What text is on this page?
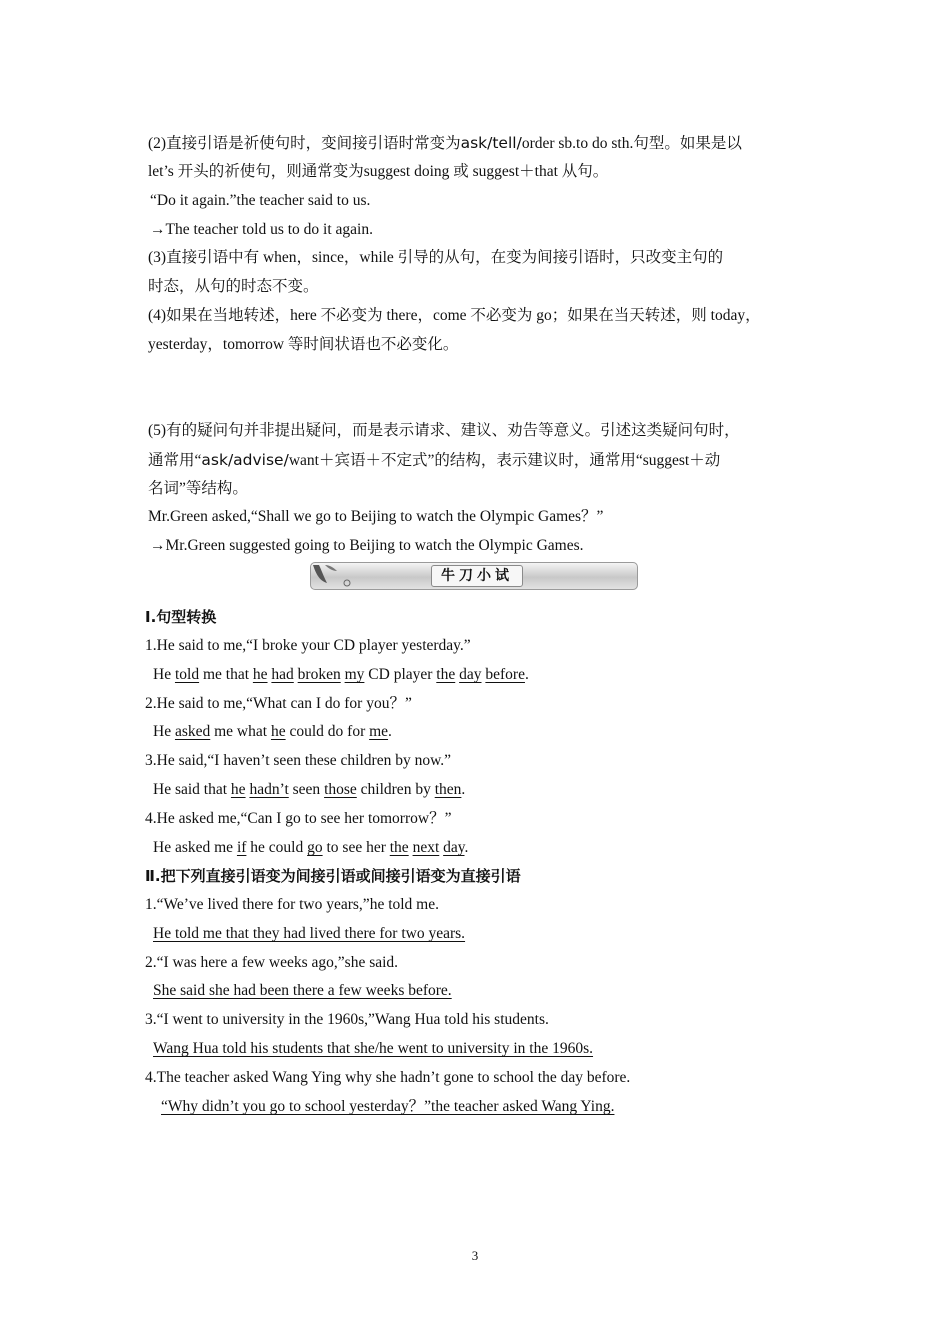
(2)直接引语是祈使句时，变间接引语时常变为ask/tell/order sb.to do sth.句型。如果是以
let’s 开头的祈使句，则通常变为suggest doing 或 suggest＋that 从句。
“Do it again.”the teacher said to us.
→The teacher told us to do it again.
(3)直接引语中有 when，since，while 引导的从句，在变为间接引语时，只改变主句的
时态，从句的时态不变。
(4)如果在当地转述，here 不必变为 there，come 不必变为 go；如果在当天转述，则 today，
yesterday，tomorrow 等时间状语也不必变化。
(5)有的疑问句并非提出疑问，而是表示请求、建议、劝告等意义。引述这类疑问句时，
通常用“ask/advise/want＋宾语＋不定式”的结构，表示建议时，通常用“suggest＋动
名词”等结构。
Mr.Green asked,“Shall we go to Beijing to watch the Olympic Games？”
→Mr.Green suggested going to Beijing to watch the Olympic Games.
牛刀小试
Ⅰ.句型转换
1.He said to me,“I broke your CD player yesterday.”
He told me that he had broken my CD player the day before.
2.He said to me,“What can I do for you？”
He asked me what he could do for me.
3.He said,“I haven’t seen these children by now.”
He said that he hadn’t seen those children by then.
4.He asked me,“Can I go to see her tomorrow？”
He asked me if he could go to see her the next day.
Ⅱ.把下列直接引语变为间接引语或间接引语变为直接引语
1.“We’ve lived there for two years,”he told me.
He told me that they had lived there for two years.
2.“I was here a few weeks ago,”she said.
She said she had been there a few weeks before.
3.“I went to university in the 1960s,”Wang Hua told his students.
Wang Hua told his students that she/he went to university in the 1960s.
4.The teacher asked Wang Ying why she hadn’t gone to school the day before.
“Why didn’t you go to school yesterday？”the teacher asked Wang Ying.
3
